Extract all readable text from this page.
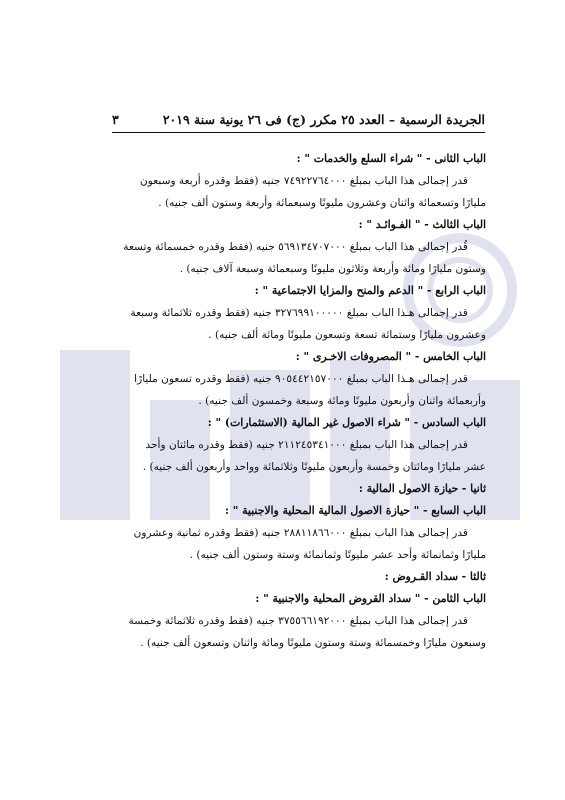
الجريدة الرسمية – العدد ٢٥ مكرر (ج) فى ٢٦ يونية سنة ٢٠١٩
٣

الباب الثانى - " شراء السلع والخدمات " :

قدر إجمالى هذا الباب بمبلغ ٧٤٩٢٢٧٦٤٠٠٠ جنيه (فقط وقدره أربعة وسبعون

مليارًا وتسعمائة واثنان وعشرون مليونًا وسبعمائة وأربعة وستون ألف جنيه) .

الباب الثالث - " الفـوائـد " :

قُدر إجمالى هذا الباب بمبلغ ٥٦٩١٣٤٧٠٧٠٠٠ جنيه (فقط وقدره خمسمائة وتسعة

وستون مليارًا ومائة وأربعة وثلاثون مليونًا وسبعمائة وسبعة آلاف جنيه) .

الباب الرابع - " الدعم والمنح والمزايا الاجتماعية " :

قدر إجمالى هـذا الباب بمبلغ ٣٢٧٦٩٩١٠٠٠٠٠ جنيه (فقط وقدره ثلاثمائة وسبعة

وعشرون مليارًا وستمائة تسعة وتسعون مليونًا ومائة ألف جنيه) .

الباب الخامس - " المصروفات الاخـرى " :

قدر إجمالى هـذا الباب بمبلغ ٩٠٥٤٤٢١٥٧٠٠٠ جنيه (فقط وقدره تسعون مليارًا

وأربعمائة واثنان وأربعون مليونًا ومائة وسبعة وخمسون ألف جنيه) .

الباب السادس - " شراء الاصول غير المالية (الاستثمارات) " :

قدر إجمالى هذا الباب بمبلغ ٢١١٢٤٥٣٤١٠٠٠ جنيه (فقط وقدره مائتان وأحد

عشر مليارًا ومائتان وخمسة وأربعون مليونًا وثلاثمائة وواحد وأربعون ألف جنيه) .

ثانيا - حيازة الاصول المالية :

الباب السابع - " حيازة الاصول المالية المحلية والاجنبية " :

قدر إجمالى هذا الباب بمبلغ ٢٨٨١١٨٦٦٠٠٠ جنيه (فقط وقدره ثمانية وعشرون

مليارًا وثمانمائة وأحد عشر مليونًا وثمانمائة وستة وستون ألف جنيه) .

ثالثا - سداد القـروض :

الباب الثامن - " سداد القروض المحلية والاجنبية " :

قدر إجمالى هذا الباب بمبلغ ٣٧٥٥٦٦١٩٢٠٠٠ جنيه (فقط وقدره ثلاثمائة وخمسة

وسبعون مليارًا وخمسمائة وستة وستون مليونًا ومائة واثنان وتسعون ألف جنيه) .
